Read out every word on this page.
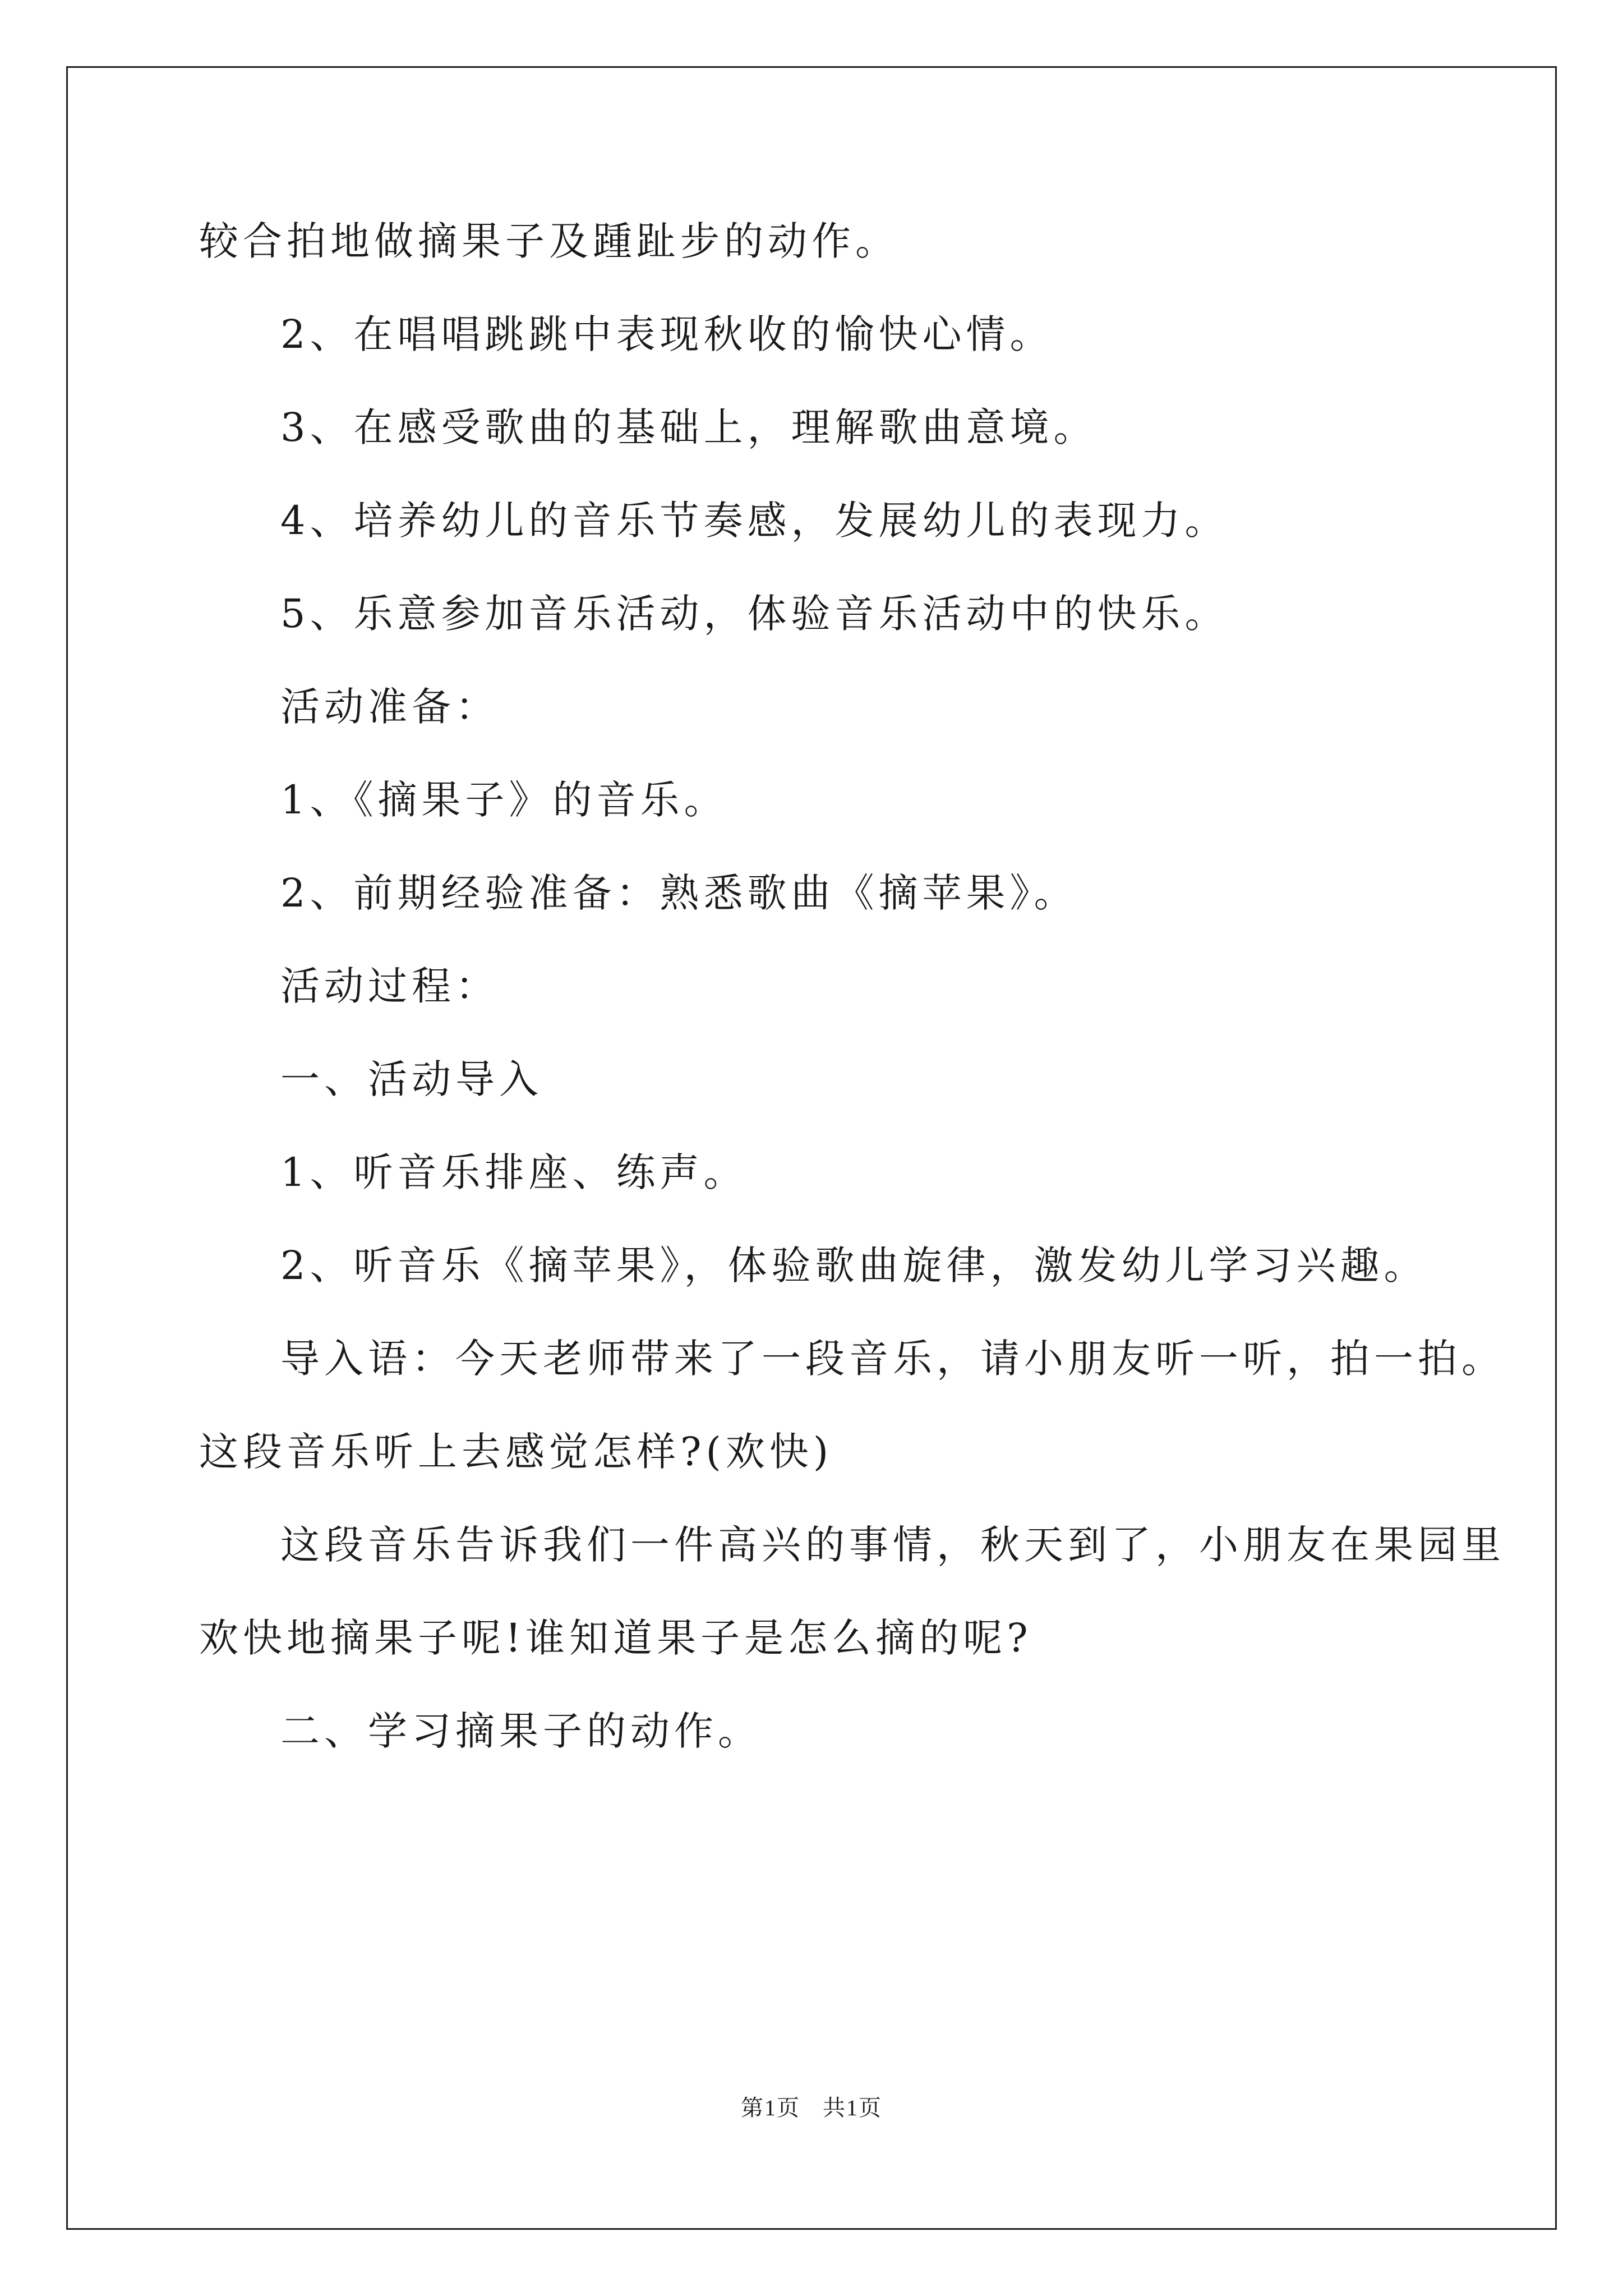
较合拍地做摘果子及踵趾步的动作。
2、在唱唱跳跳中表现秋收的愉快心情。
3、在感受歌曲的基础上，理解歌曲意境。
4、培养幼儿的音乐节奏感，发展幼儿的表现力。
5、乐意参加音乐活动，体验音乐活动中的快乐。
活动准备：
1、《摘果子》的音乐。
2、前期经验准备：熟悉歌曲《摘苹果》。
活动过程：
一、活动导入
1、听音乐排座、练声。
2、听音乐《摘苹果》，体验歌曲旋律，激发幼儿学习兴趣。
导入语：今天老师带来了一段音乐，请小朋友听一听，拍一拍。
这段音乐听上去感觉怎样?(欢快)
这段音乐告诉我们一件高兴的事情，秋天到了，小朋友在果园里
欢快地摘果子呢!谁知道果子是怎么摘的呢?
二、学习摘果子的动作。
第1页 共1页
